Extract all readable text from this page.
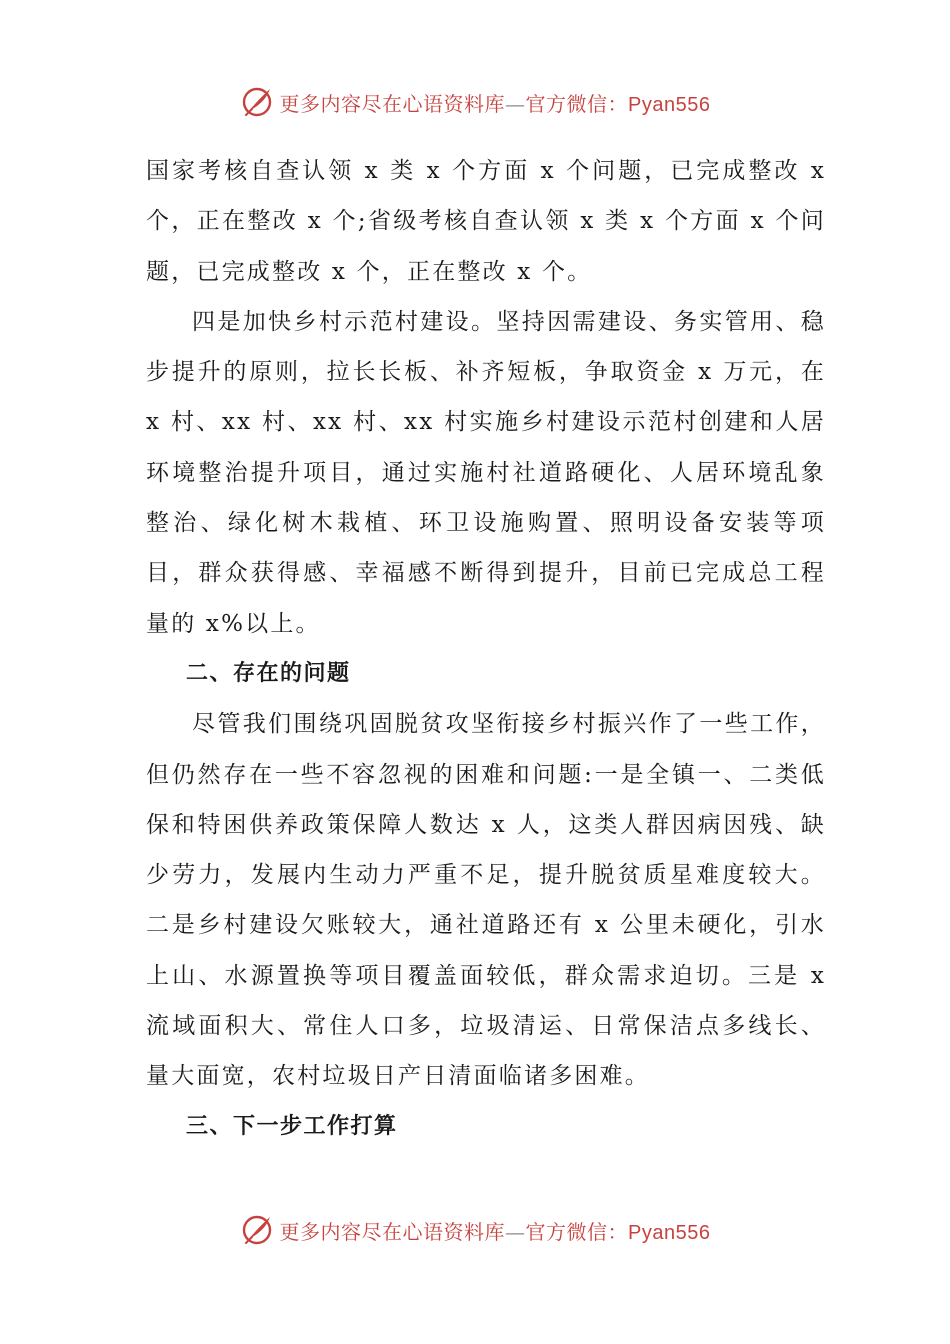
更多内容尽在心语资料库—官方微信：Pyan556

国家考核自查认领 x 类 x 个方面 x 个问题，已完成整改 x 个，正在整改 x 个;省级考核自查认领 x 类 x 个方面 x 个问题，已完成整改 x 个，正在整改 x 个。

四是加快乡村示范村建设。坚持因需建设、务实管用、稳步提升的原则，拉长长板、补齐短板，争取资金 x 万元，在 x 村、xx 村、xx 村、xx 村实施乡村建设示范村创建和人居环境整治提升项目，通过实施村社道路硬化、人居环境乱象整治、绿化树木栽植、环卫设施购置、照明设备安装等项目，群众获得感、幸福感不断得到提升，目前已完成总工程量的 x%以上。

二、存在的问题

尽管我们围绕巩固脱贫攻坚衔接乡村振兴作了一些工作，但仍然存在一些不容忽视的困难和问题:一是全镇一、二类低保和特困供养政策保障人数达 x 人，这类人群因病因残、缺少劳力，发展内生动力严重不足，提升脱贫质星难度较大。二是乡村建设欠账较大，通社道路还有 x 公里未硬化，引水上山、水源置换等项目覆盖面较低，群众需求迫切。三是 x 流域面积大、常住人口多，垃圾清运、日常保洁点多线长、量大面宽，农村垃圾日产日清面临诸多困难。

三、下一步工作打算

更多内容尽在心语资料库—官方微信：Pyan556
